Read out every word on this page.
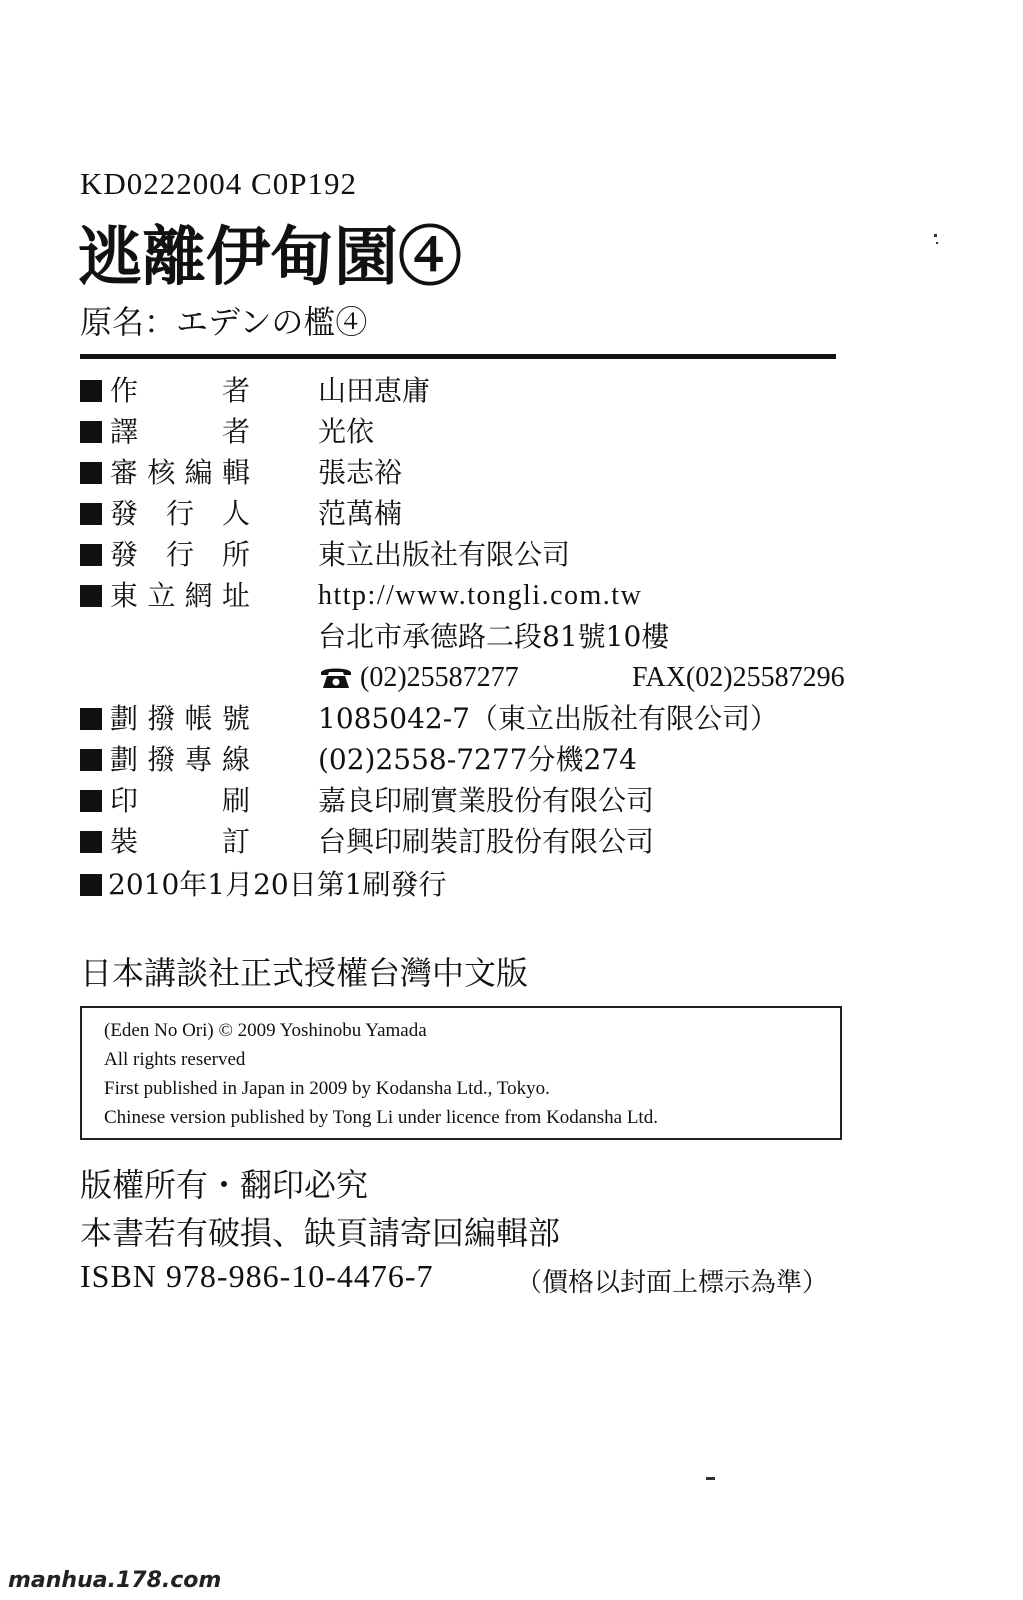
KD0222004 C0P192
逃離伊甸園④
原名：エデンの檻④
作　者 山田恵庸
譯　者 光依
審核編輯 張志裕
發 行 人 范萬楠
發 行 所 東立出版社有限公司
東立網址 http://www.tongli.com.tw
台北市承德路二段81號10樓
(02)25587277	FAX(02)25587296
劃撥帳號 1085042-7（東立出版社有限公司）
劃撥專線 (02)2558-7277分機274
印　刷 嘉良印刷實業股份有限公司
裝　訂 台興印刷裝訂股份有限公司
2010年1月20日第1刷發行
日本講談社正式授權台灣中文版
(Eden No Ori) © 2009 Yoshinobu Yamada
All rights reserved
First published in Japan in 2009 by Kodansha Ltd., Tokyo.
Chinese version published by Tong Li under licence from Kodansha Ltd.
版權所有・翻印必究
本書若有破損、缺頁請寄回編輯部
ISBN 978-986-10-4476-7	（價格以封面上標示為準）
manhua.178.com
